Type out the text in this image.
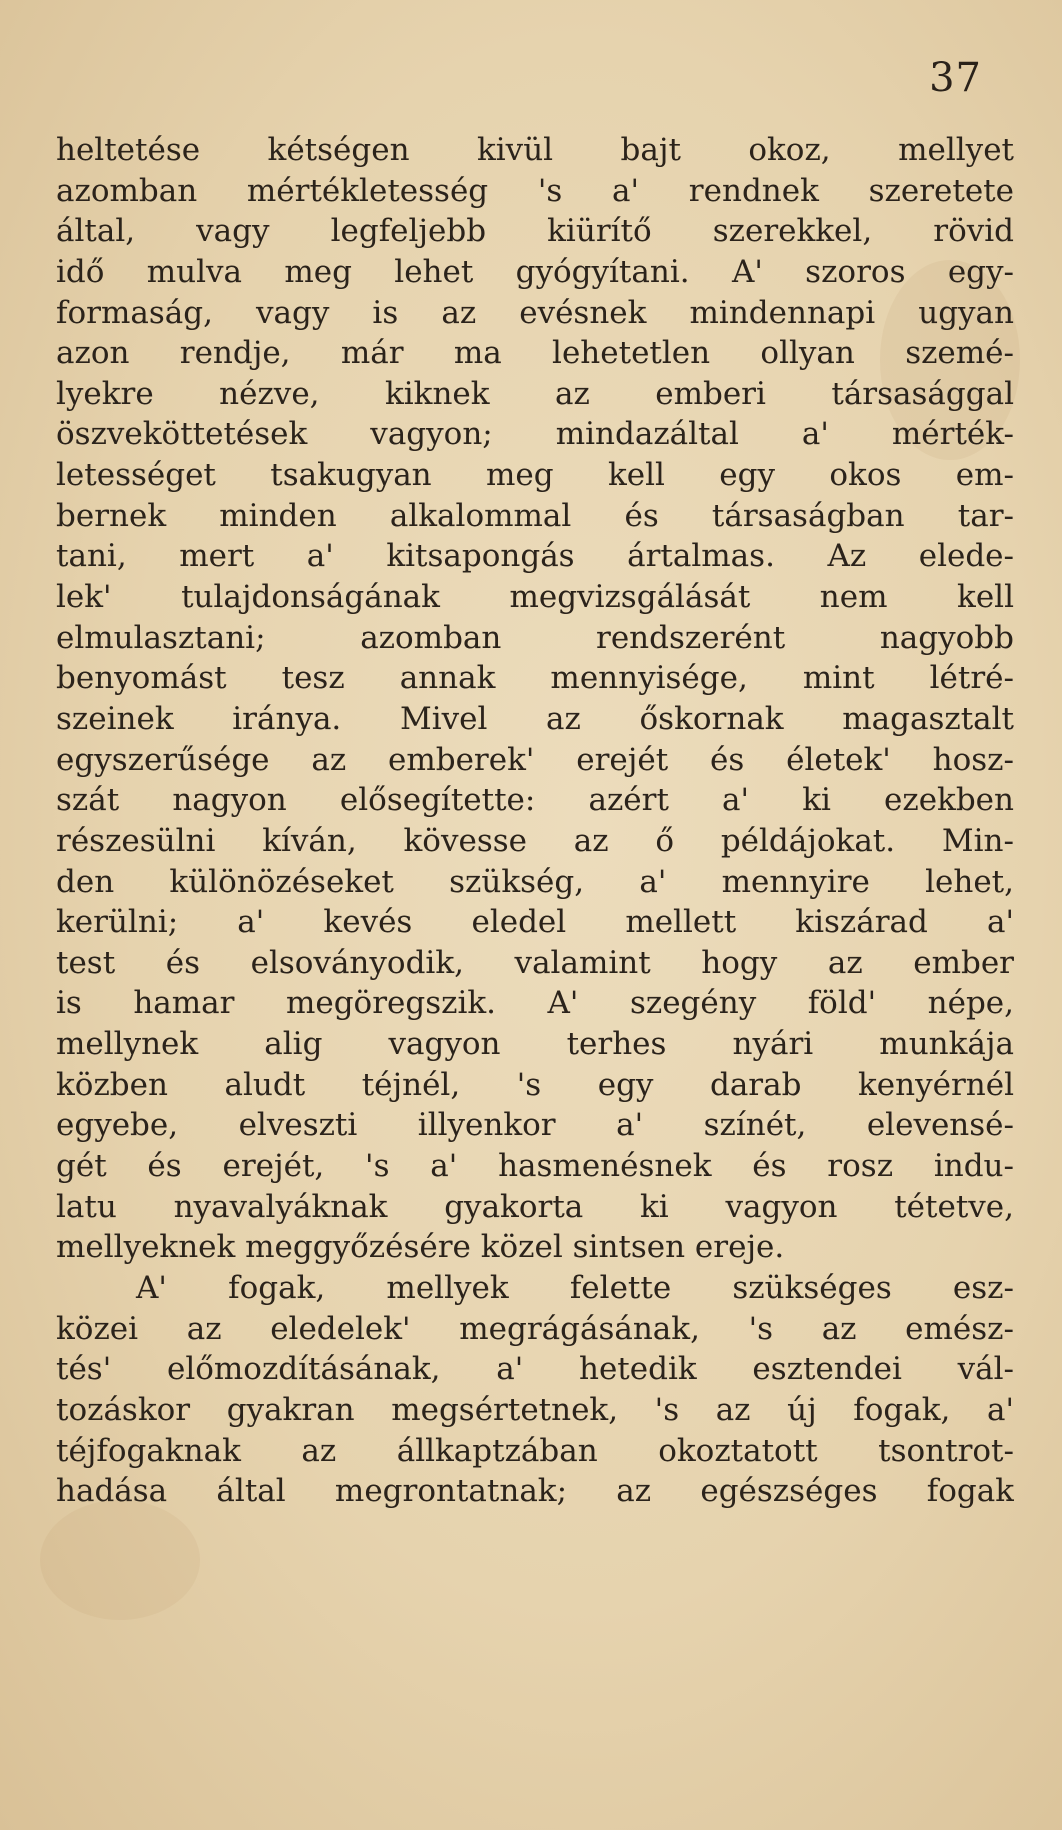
37
heltetése kétségen kivül bajt okoz, mellyet
azomban mértékletesség 's a' rendnek szeretete
által, vagy legfeljebb kiürítő szerekkel, rövid
idő mulva meg lehet gyógyítani. A' szoros egy-
formaság, vagy is az evésnek mindennapi ugyan
azon rendje, már ma lehetetlen ollyan szemé-
lyekre nézve, kiknek az emberi társasággal
öszveköttetések vagyon; mindazáltal a' mérték-
letességet tsakugyan meg kell egy okos em-
bernek minden alkalommal és társaságban tar-
tani, mert a' kitsapongás ártalmas. Az elede-
lek' tulajdonságának megvizsgálását nem kell
elmulasztani; azomban rendszerént nagyobb
benyomást tesz annak mennyisége, mint létré-
szeinek iránya. Mivel az őskornak magasztalt
egyszerűsége az emberek' erejét és életek' hosz-
szát nagyon elősegítette: azért a' ki ezekben
részesülni kíván, kövesse az ő példájokat. Min-
den különözéseket szükség, a' mennyire lehet,
kerülni; a' kevés eledel mellett kiszárad a'
test és elsoványodik, valamint hogy az ember
is hamar megöregszik. A' szegény föld' népe,
mellynek alig vagyon terhes nyári munkája
közben aludt téjnél, 's egy darab kenyérnél
egyebe, elveszti illyenkor a' színét, elevensé-
gét és erejét, 's a' hasmenésnek és rosz indu-
latu nyavalyáknak gyakorta ki vagyon tétetve,
mellyeknek meggyőzésére közel sintsen ereje.
A' fogak, mellyek felette szükséges esz-
közei az eledelek' megrágásának, 's az emész-
tés' előmozdításának, a' hetedik esztendei vál-
tozáskor gyakran megsértetnek, 's az új fogak, a'
téjfogaknak az állkaptzában okoztatott tsontrot-
hadása által megrontatnak; az egészséges fogak
